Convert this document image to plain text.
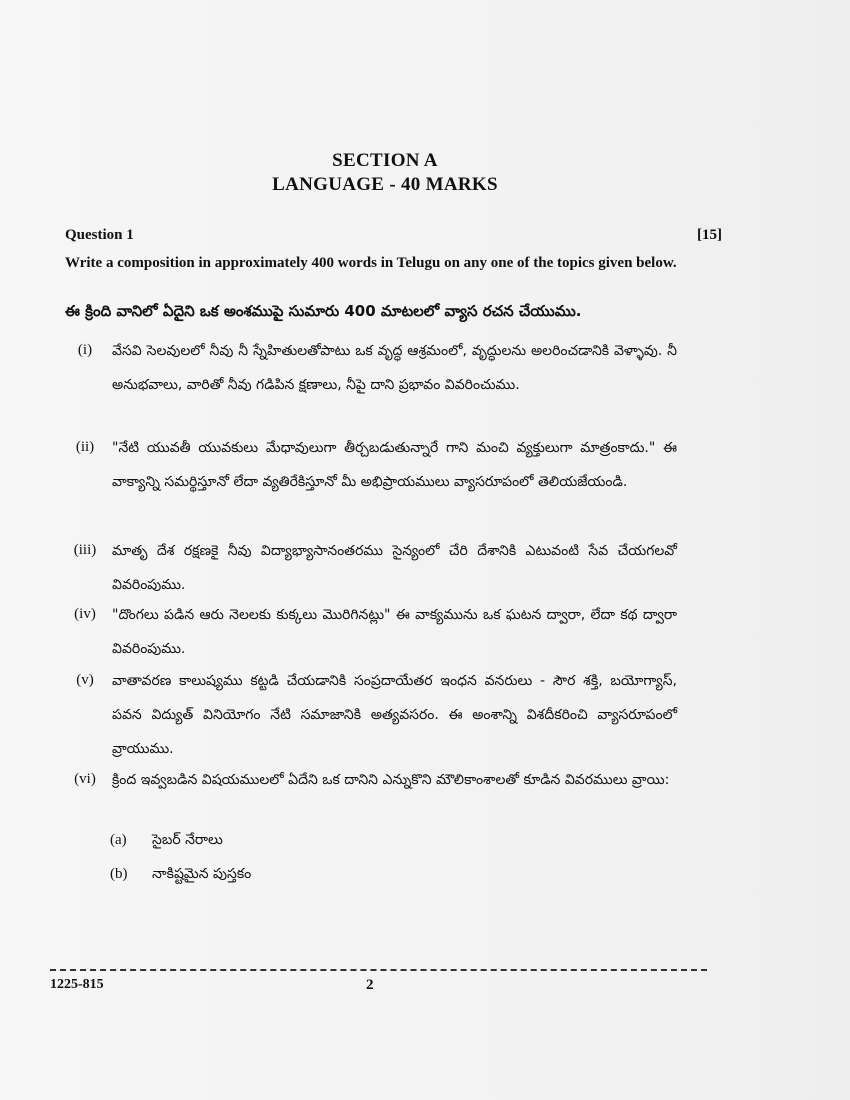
SECTION A
LANGUAGE - 40 MARKS
Question 1	[15]
Write a composition in approximately 400 words in Telugu on any one of the topics given below.
ఈ క్రింది వానిలో ఏదైని ఒక అంశముపై సుమారు 400 మాటలలో వ్యాస రచన చేయుము.
(i)	వేసవి సెలవులలో నీవు నీ స్నేహితులతోపాటు ఒక వృద్ధ ఆశ్రమంలో, వృద్ధులను అలరించడానికి వెళ్ళావు. నీ అనుభవాలు, వారితో నీవు గడిపిన క్షణాలు, నీపై దాని ప్రభావం వివరించుము.
(ii)	"నేటి యువతీ యువకులు మేధావులుగా తీర్చబడుతున్నారే గాని మంచి వ్యక్తులుగా మాత్రంకాదు." ఈ వాక్యాన్ని సమర్థిస్తూనో లేదా వ్యతిరేకిస్తూనో మీ అభిప్రాయములు వ్యాసరూపంలో తెలియజేయండి.
(iii)	మాతృ దేశ రక్షణకై నీవు విద్యాభ్యాసానంతరము సైన్యంలో చేరి దేశానికి ఎటువంటి సేవ చేయగలవో వివరింపుము.
(iv)	"దొంగలు పడిన ఆరు నెలలకు కుక్కలు మొరిగినట్లు" ఈ వాక్యమును ఒక ఘటన ద్వారా, లేదా కథ ద్వారా వివరింపుము.
(v)	వాతావరణ కాలుష్యము కట్టడి చేయడానికి సంప్రదాయేతర ఇంధన వనరులు - సౌర శక్తి, బయోగ్యాస్, పవన విద్యుత్ వినియోగం నేటి సమాజానికి అత్యవసరం. ఈ అంశాన్ని విశదీకరించి వ్యాసరూపంలో వ్రాయుము.
(vi)	క్రింద ఇవ్వబడిన విషయములలో ఏదేని ఒక దానిని ఎన్నుకొని మౌలికాంశాలతో కూడిన వివరములు వ్రాయి:
(a) సైబర్ నేరాలు
(b) నాకిష్టమైన పుస్తకం
1225-815	2
